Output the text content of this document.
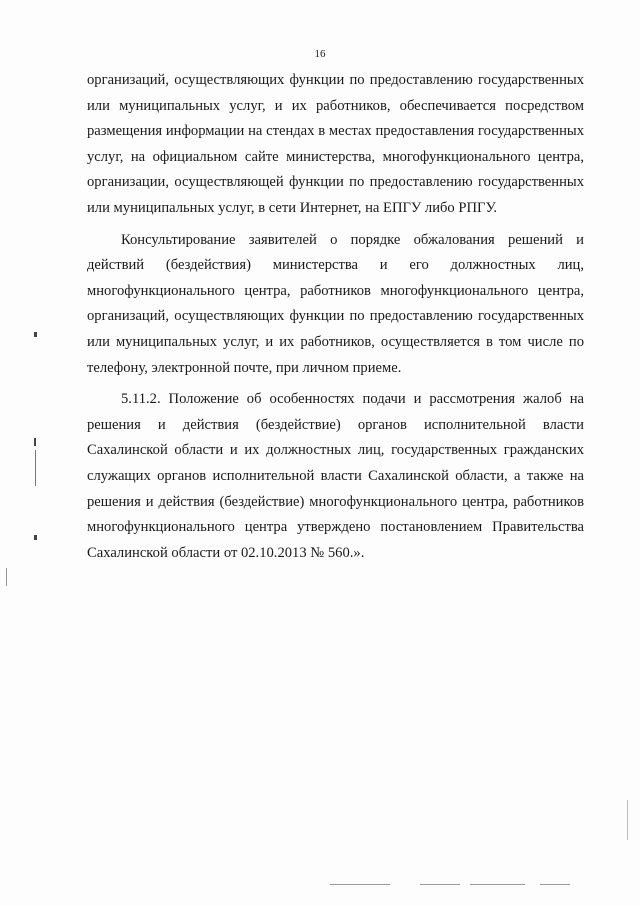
16

организаций, осуществляющих функции по предоставлению государственных или муниципальных услуг, и их работников, обеспечивается посредством размещения информации на стендах в местах предоставления государственных услуг, на официальном сайте министерства, многофункционального центра, организации, осуществляющей функции по предоставлению государственных или муниципальных услуг, в сети Интернет, на ЕПГУ либо РПГУ.

Консультирование заявителей о порядке обжалования решений и действий (бездействия) министерства и его должностных лиц, многофункционального центра, работников многофункционального центра, организаций, осуществляющих функции по предоставлению государственных или муниципальных услуг, и их работников, осуществляется в том числе по телефону, электронной почте, при личном приеме.

5.11.2. Положение об особенностях подачи и рассмотрения жалоб на решения и действия (бездействие) органов исполнительной власти Сахалинской области и их должностных лиц, государственных гражданских служащих органов исполнительной власти Сахалинской области, а также на решения и действия (бездействие) многофункционального центра, работников многофункционального центра утверждено постановлением Правительства Сахалинской области от 02.10.2013 № 560.».
